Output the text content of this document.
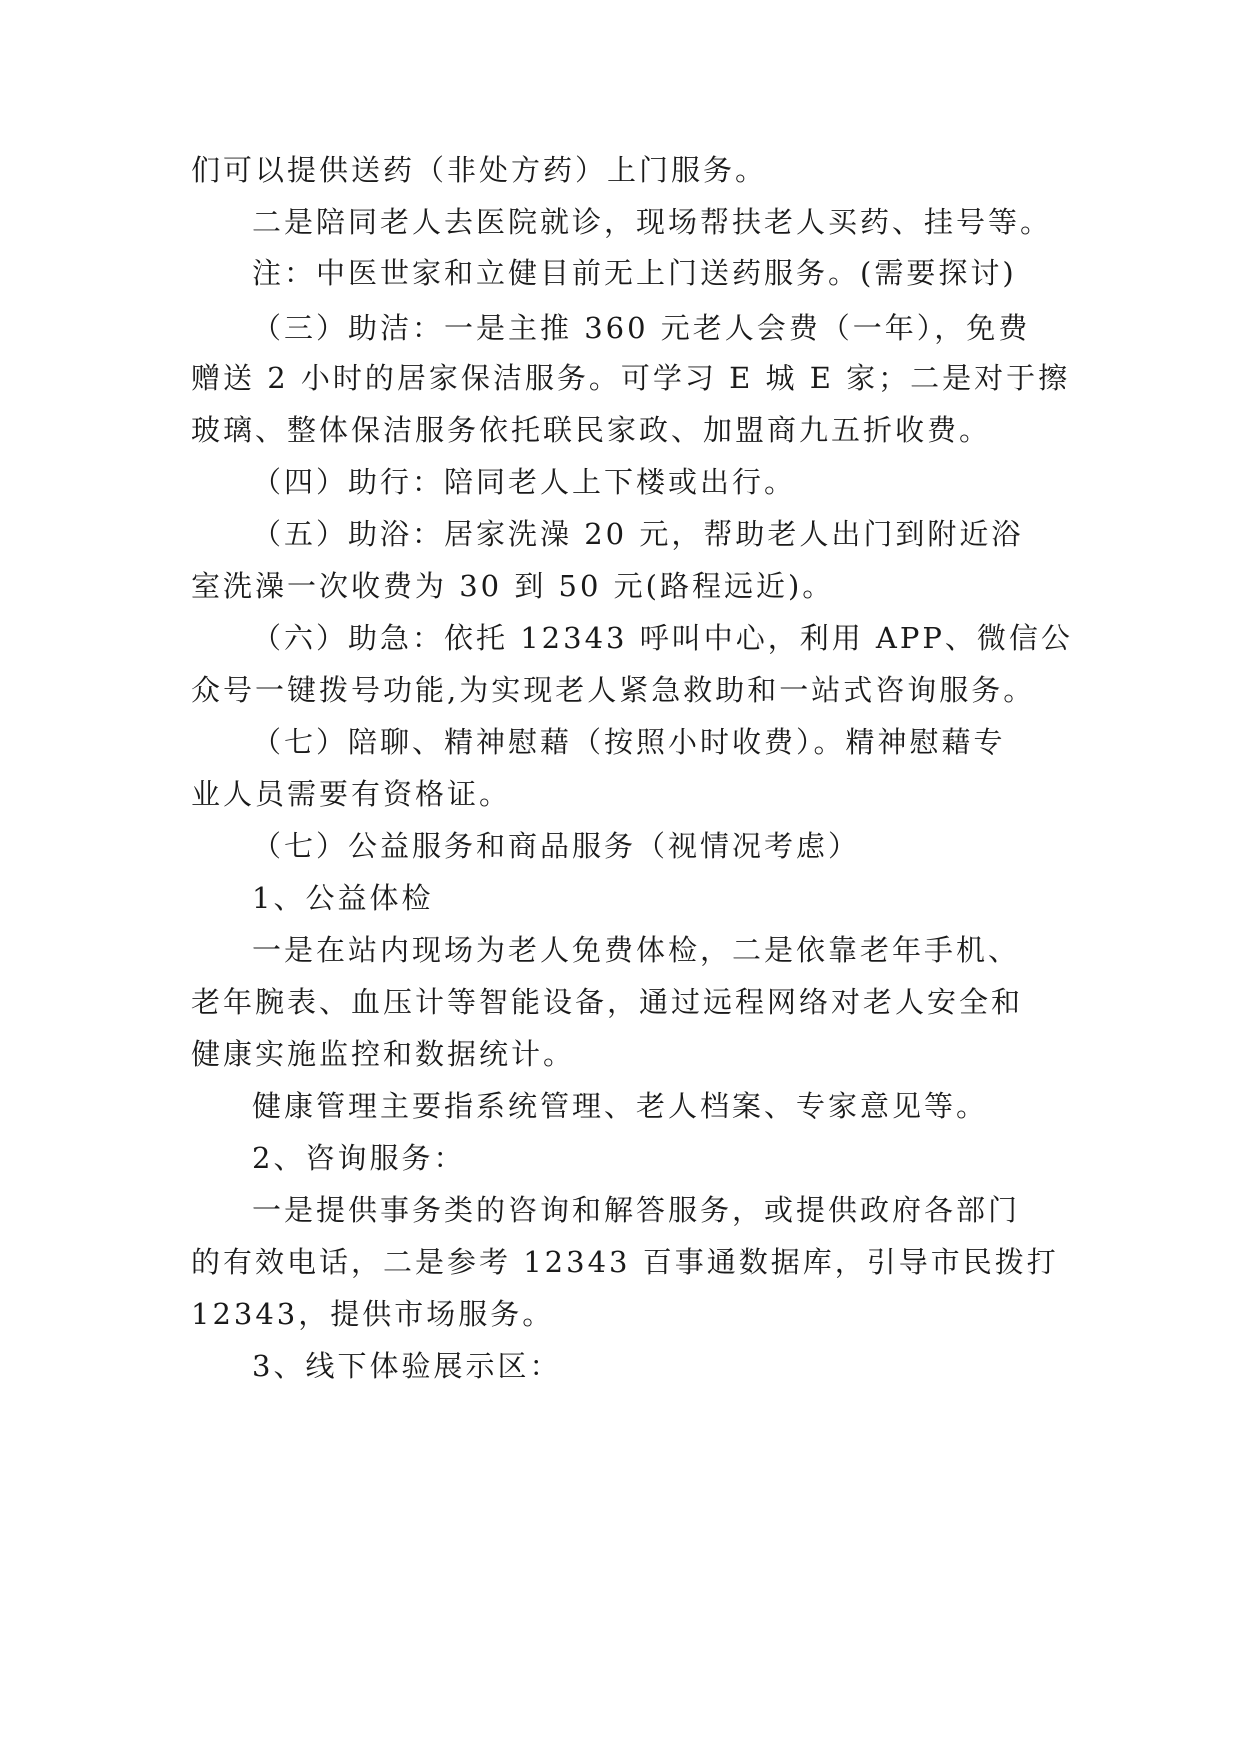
们可以提供送药（非处方药）上门服务。
二是陪同老人去医院就诊，现场帮扶老人买药、挂号等。
注：中医世家和立健目前无上门送药服务。(需要探讨)
（三）助洁：一是主推 360 元老人会费（一年），免费
赠送 2 小时的居家保洁服务。可学习 E 城 E 家；二是对于擦
玻璃、整体保洁服务依托联民家政、加盟商九五折收费。
（四）助行：陪同老人上下楼或出行。
（五）助浴：居家洗澡 20 元，帮助老人出门到附近浴
室洗澡一次收费为 30 到 50 元(路程远近)。
（六）助急：依托 12343 呼叫中心，利用 APP、微信公
众号一键拨号功能,为实现老人紧急救助和一站式咨询服务。
（七）陪聊、精神慰藉（按照小时收费）。精神慰藉专
业人员需要有资格证。
（七）公益服务和商品服务（视情况考虑）
1、公益体检
一是在站内现场为老人免费体检，二是依靠老年手机、
老年腕表、血压计等智能设备，通过远程网络对老人安全和
健康实施监控和数据统计。
健康管理主要指系统管理、老人档案、专家意见等。
2、咨询服务：
一是提供事务类的咨询和解答服务，或提供政府各部门
的有效电话，二是参考 12343 百事通数据库，引导市民拨打
12343，提供市场服务。
3、线下体验展示区：
